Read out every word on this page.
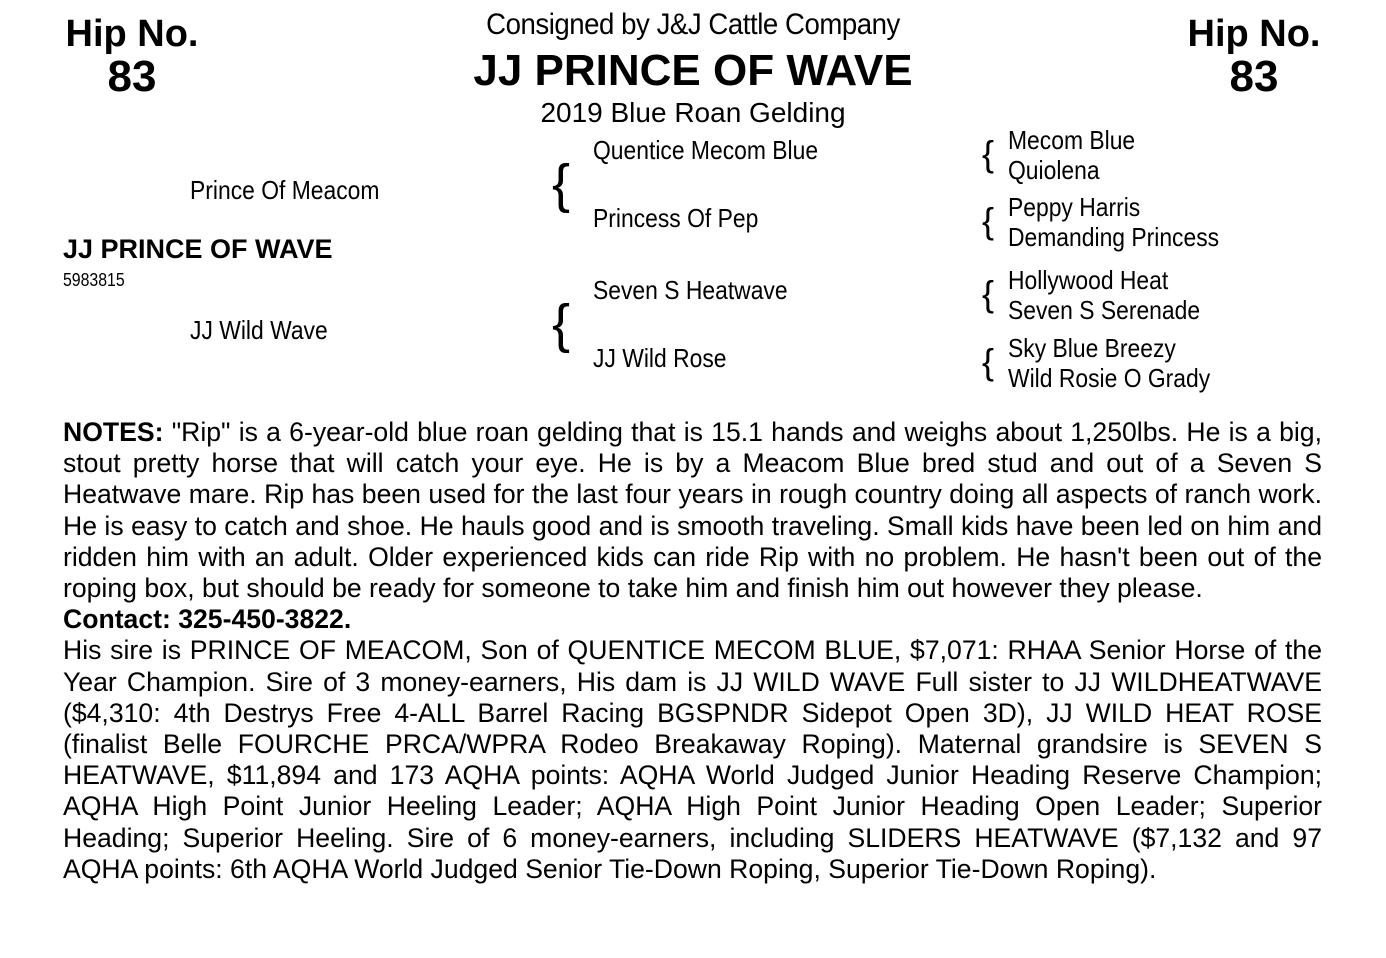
Hip No.
83
Hip No.
83
Consigned by J&J Cattle Company
JJ PRINCE OF WAVE
2019 Blue Roan Gelding
Prince Of Meacom
JJ PRINCE OF WAVE
5983815
JJ Wild Wave
{
{
Quentice Mecom Blue
Princess Of Pep
Seven S Heatwave
JJ Wild Rose
{
{
{
{
Mecom Blue
Quiolena
Peppy Harris
Demanding Princess
Hollywood Heat
Seven S Serenade
Sky Blue Breezy
Wild Rosie O Grady

NOTES: "Rip" is a 6-year-old blue roan gelding that is 15.1 hands and weighs about 1,250lbs. He is a big, stout pretty horse that will catch your eye. He is by a Meacom Blue bred stud and out of a Seven S Heatwave mare. Rip has been used for the last four years in rough country doing all aspects of ranch work. He is easy to catch and shoe. He hauls good and is smooth traveling. Small kids have been led on him and ridden him with an adult. Older experienced kids can ride Rip with no problem. He hasn't been out of the roping box, but should be ready for someone to take him and finish him out however they please.

Contact: 325-450-3822.

His sire is PRINCE OF MEACOM, Son of QUENTICE MECOM BLUE, $7,071: RHAA Senior Horse of the Year Champion. Sire of 3 money-earners, His dam is JJ WILD WAVE Full sister to JJ WILDHEATWAVE ($4,310: 4th Destrys Free 4-ALL Barrel Racing BGSPNDR Sidepot Open 3D), JJ WILD HEAT ROSE (finalist Belle FOURCHE PRCA/WPRA Rodeo Breakaway Roping). Maternal grandsire is SEVEN S HEATWAVE, $11,894 and 173 AQHA points: AQHA World Judged Junior Heading Reserve Champion; AQHA High Point Junior Heeling Leader; AQHA High Point Junior Heading Open Leader; Superior Heading; Superior Heeling. Sire of 6 money-earners, including SLIDERS HEATWAVE ($7,132 and 97 AQHA points: 6th AQHA World Judged Senior Tie-Down Roping, Superior Tie-Down Roping).
